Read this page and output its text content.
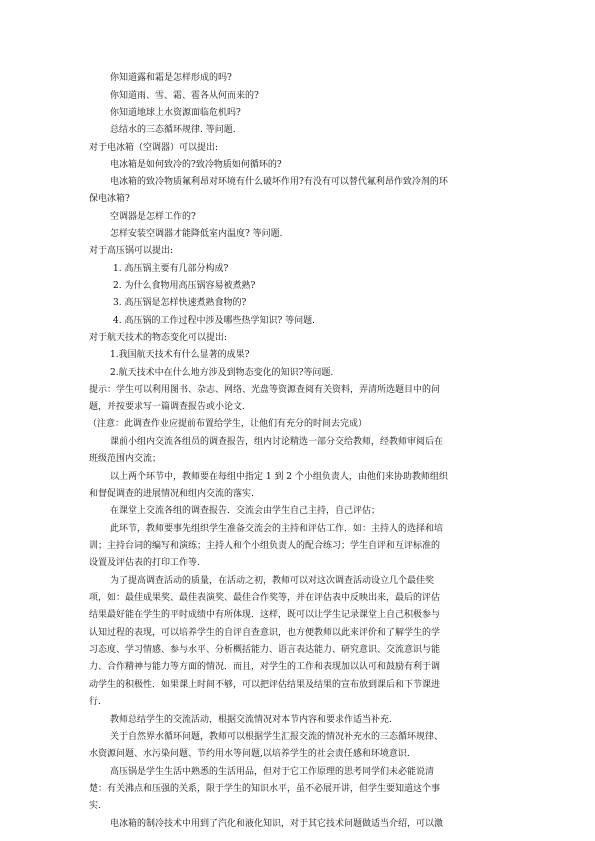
你知道露和霜是怎样形成的吗?
你知道雨、雪、霜、雹各从何而来的?
你知道地球上水资源面临危机吗?
总结水的三态循环规律. 等问题.
对于电冰箱（空调器）可以提出:
电冰箱是如何致冷的?致冷物质如何循环的?
电冰箱的致冷物质氟利昂对环境有什么破坏作用?有没有可以替代氟利昂作致冷剂的环
保电冰箱?
空调器是怎样工作的?
怎样安装空调器才能降低室内温度? 等问题.
对于高压锅可以提出:
1. 高压锅主要有几部分构成?
2. 为什么食物用高压锅容易被煮熟?
3. 高压锅是怎样快速煮熟食物的?
4. 高压锅的工作过程中涉及哪些热学知识? 等问题.
对于航天技术的物态变化可以提出:
1.我国航天技术有什么显著的成果?
2.航天技术中在什么地方涉及到物态变化的知识?等问题.
提示：学生可以利用图书、杂志、网络、光盘等资源查阅有关资料，弄清所选题目中的问
题，并按要求写一篇调查报告或小论文.
（注意：此调查作业应提前布置给学生，让他们有充分的时间去完成）
课前小组内交流各组员的调查报告，组内讨论精选一部分交给教师，经教师审阅后在
班级范围内交流；
以上两个环节中，教师要在每组中指定 1 到 2 个小组负责人，由他们来协助教师组织
和督促调查的进展情况和组内交流的落实.
在课堂上交流各组的调查报告．交流会由学生自己主持，自己评估；
此环节，教师要事先组织学生准备交流会的主持和评估工作．如：主持人的选择和培
训；主持台词的编写和演练；主持人和个小组负责人的配合练习；学生自评和互评标准的
设置及评估表的打印工作等.
为了提高调查活动的质量，在活动之初，教师可以对这次调查活动设立几个最佳奖
项，如：最佳成果奖、最佳表演奖、最佳合作奖等，并在评估表中反映出来，最后的评估
结果最好能在学生的平时成绩中有所体现．这样，既可以让学生记录课堂上自己积极参与
认知过程的表现，可以培养学生的自评自查意识，也方便教师以此来评价和了解学生的学
习态度、学习情感、参与水平、分析概括能力、语言表达能力、研究意识、交流意识与能
力、合作精神与能力等方面的情况．而且，对学生的工作和表现加以认可和鼓励有利于调
动学生的积极性．如果课上时间不够，可以把评估结果及结果的宣布放到课后和下节课进
行.
教师总结学生的交流活动，根据交流情况对本节内容和要求作适当补充.
关于自然界水循环问题，教师可以根据学生汇报交流的情况补充水的三态循环规律、
水资源问题、水污染问题、节约用水等问题,以培养学生的社会责任感和环境意识.
高压锅是学生生活中熟悉的生活用品，但对于它工作原理的思考同学们未必能说清
楚：有关沸点和压强的关系，限于学生的知识水平，虽不必展开讲，但学生要知道这个事
实.
电冰箱的制冷技术中用到了汽化和液化知识，对于其它技术问题做适当介绍，可以激
